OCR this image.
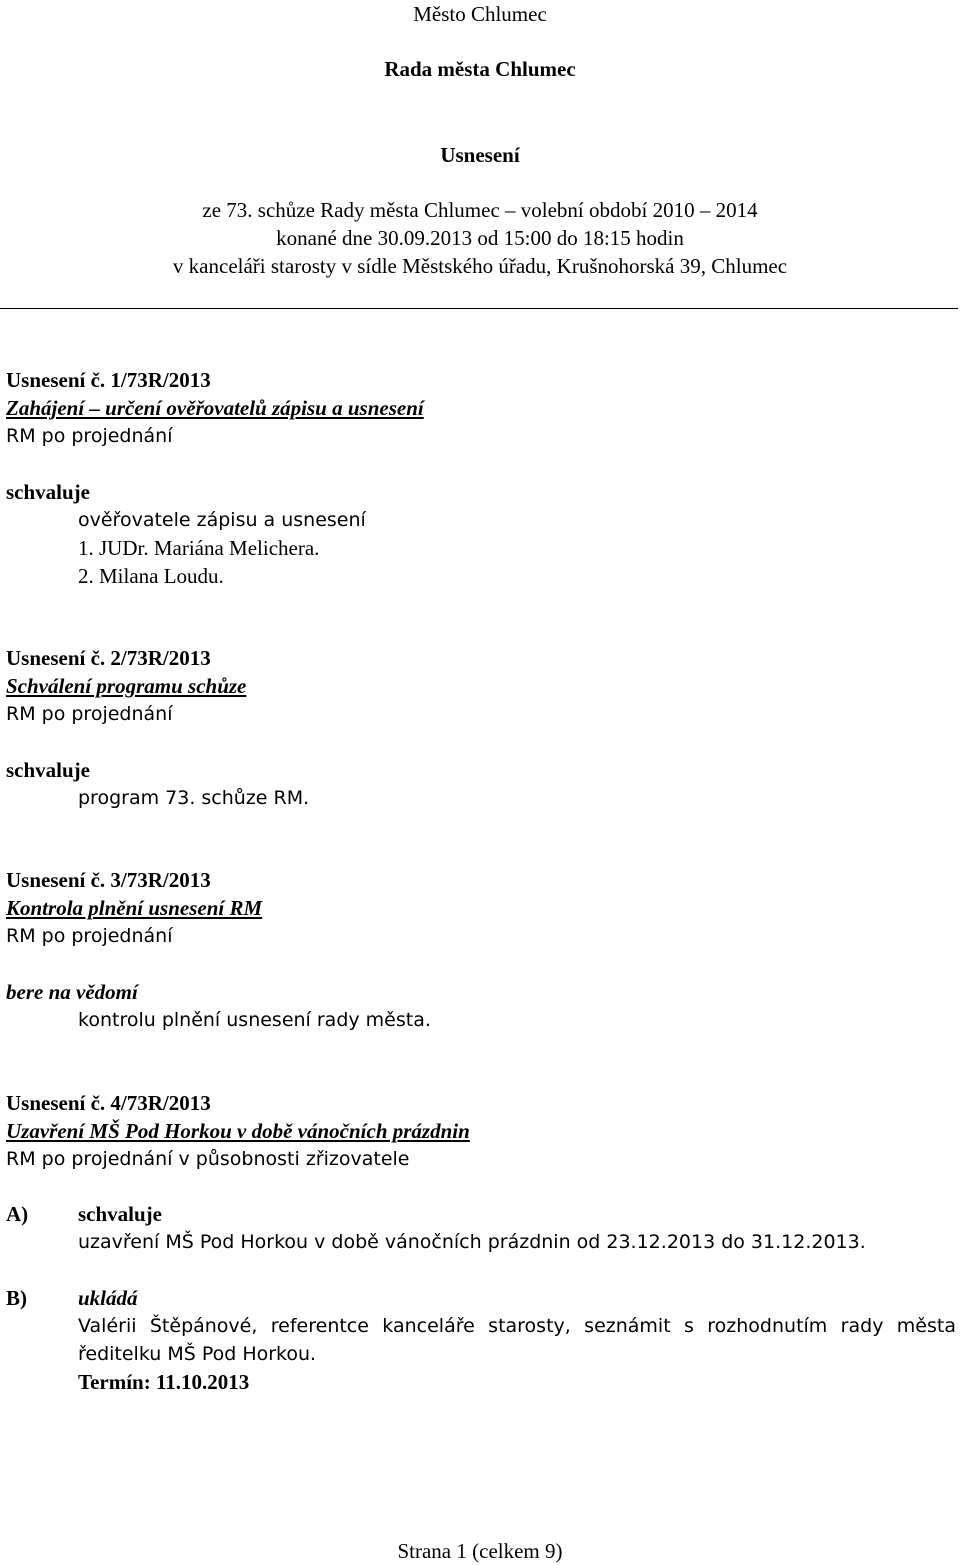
Město Chlumec
Rada města Chlumec
Usnesení
ze 73. schůze Rady města Chlumec – volební období 2010 – 2014
konané dne 30.09.2013 od 15:00 do 18:15 hodin
v kanceláři starosty v sídle Městského úřadu, Krušnohorská 39, Chlumec
Usnesení č. 1/73R/2013
Zahájení – určení ověřovatelů zápisu a usnesení
RM po projednání
schvaluje
ověřovatele zápisu a usnesení
1. JUDr. Mariána Melichera.
2. Milana Loudu.
Usnesení č. 2/73R/2013
Schválení programu schůze
RM po projednání
schvaluje
program 73. schůze RM.
Usnesení č. 3/73R/2013
Kontrola plnění usnesení RM
RM po projednání
bere na vědomí
kontrolu plnění usnesení rady města.
Usnesení č. 4/73R/2013
Uzavření MŠ Pod Horkou v době vánočních prázdnin
RM po projednání v působnosti zřizovatele
A) schvaluje
uzavření MŠ Pod Horkou v době vánočních prázdnin od 23.12.2013 do 31.12.2013.
B) ukládá
Valérii Štěpánové, referentce kanceláře starosty, seznámit s rozhodnutím rady města
ředitelku MŠ Pod Horkou.
Termín: 11.10.2013
Strana 1 (celkem 9)
